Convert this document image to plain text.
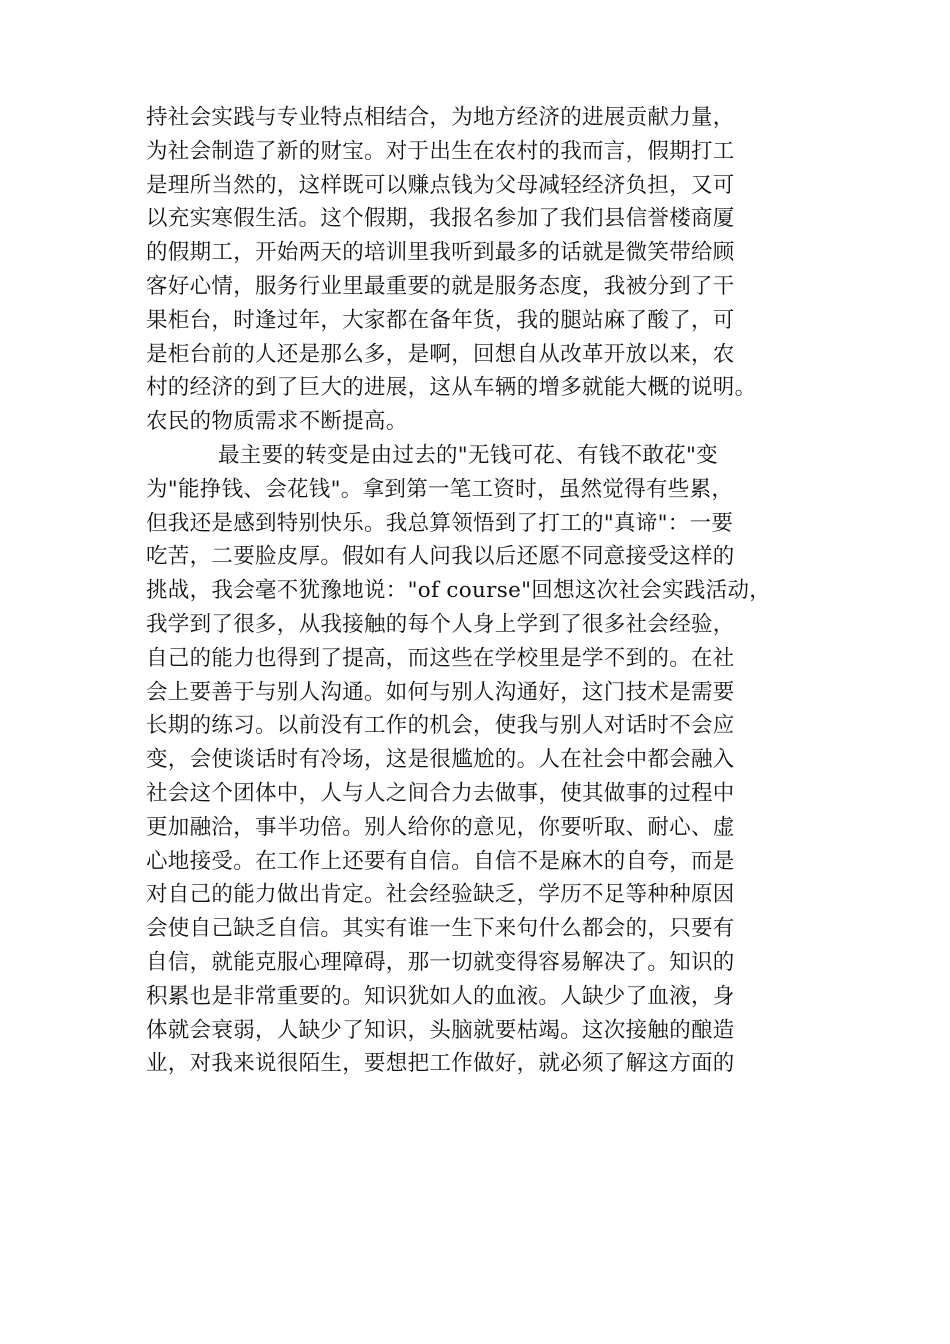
持社会实践与专业特点相结合，为地方经济的进展贡献力量，
为社会制造了新的财宝。对于出生在农村的我而言，假期打工
是理所当然的，这样既可以赚点钱为父母减轻经济负担，又可
以充实寒假生活。这个假期，我报名参加了我们县信誉楼商厦
的假期工，开始两天的培训里我听到最多的话就是微笑带给顾
客好心情，服务行业里最重要的就是服务态度，我被分到了干
果柜台，时逢过年，大家都在备年货，我的腿站麻了酸了，可
是柜台前的人还是那么多，是啊，回想自从改革开放以来，农
村的经济的到了巨大的进展，这从车辆的增多就能大概的说明。
农民的物质需求不断提高。
最主要的转变是由过去的"无钱可花、有钱不敢花"变
为"能挣钱、会花钱"。拿到第一笔工资时，虽然觉得有些累，
但我还是感到特别快乐。我总算领悟到了打工的"真谛"：一要
吃苦，二要脸皮厚。假如有人问我以后还愿不同意接受这样的
挑战，我会毫不犹豫地说："of course"回想这次社会实践活动，
我学到了很多，从我接触的每个人身上学到了很多社会经验，
自己的能力也得到了提高，而这些在学校里是学不到的。在社
会上要善于与别人沟通。如何与别人沟通好，这门技术是需要
长期的练习。以前没有工作的机会，使我与别人对话时不会应
变，会使谈话时有冷场，这是很尴尬的。人在社会中都会融入
社会这个团体中，人与人之间合力去做事，使其做事的过程中
更加融洽，事半功倍。别人给你的意见，你要听取、耐心、虚
心地接受。在工作上还要有自信。自信不是麻木的自夸，而是
对自己的能力做出肯定。社会经验缺乏，学历不足等种种原因
会使自己缺乏自信。其实有谁一生下来句什么都会的，只要有
自信，就能克服心理障碍，那一切就变得容易解决了。知识的
积累也是非常重要的。知识犹如人的血液。人缺少了血液，身
体就会衰弱，人缺少了知识，头脑就要枯竭。这次接触的酿造
业，对我来说很陌生，要想把工作做好，就必须了解这方面的
